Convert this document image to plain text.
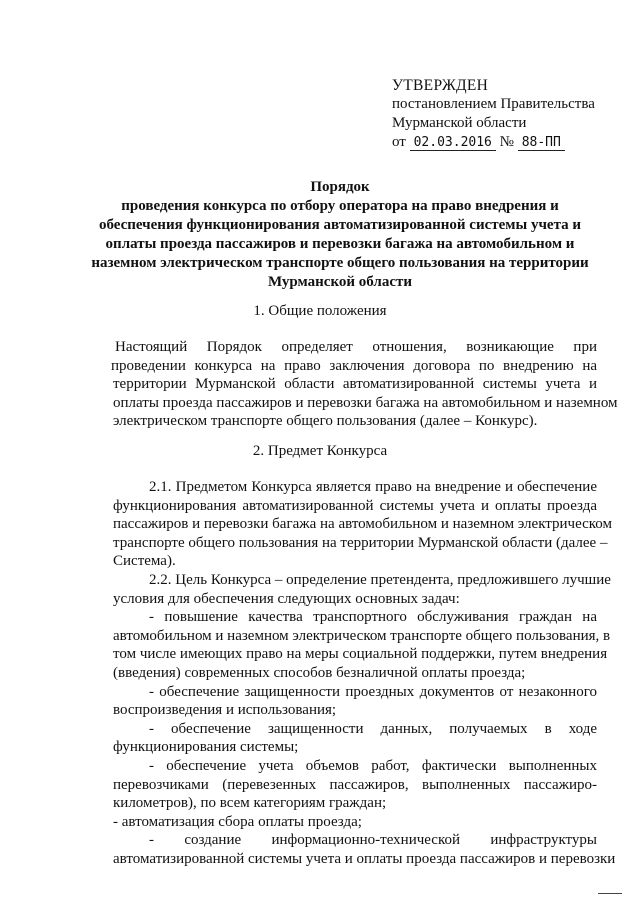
УТВЕРЖДЕН
постановлением Правительства
Мурманской области
от 02.03.2016 № 88-ПП
Порядок
проведения конкурса по отбору оператора на право внедрения и
обеспечения функционирования автоматизированной системы учета и
оплаты проезда пассажиров и перевозки багажа на автомобильном и
наземном электрическом транспорте общего пользования на территории
Мурманской области
1. Общие положения
Настоящий Порядок определяет отношения, возникающие при
проведении конкурса на право заключения договора по внедрению на
территории Мурманской области автоматизированной системы учета и
оплаты проезда пассажиров и перевозки багажа на автомобильном и наземном
электрическом транспорте общего пользования (далее – Конкурс).
2. Предмет Конкурса
2.1. Предметом Конкурса является право на внедрение и обеспечение
функционирования автоматизированной системы учета и оплаты проезда
пассажиров и перевозки багажа на автомобильном и наземном электрическом
транспорте общего пользования на территории Мурманской области (далее –
Система).
2.2. Цель Конкурса – определение претендента, предложившего лучшие
условия для обеспечения следующих основных задач:
- повышение качества транспортного обслуживания граждан на
автомобильном и наземном электрическом транспорте общего пользования, в
том числе имеющих право на меры социальной поддержки, путем внедрения
(введения) современных способов безналичной оплаты проезда;
- обеспечение защищенности проездных документов от незаконного
воспроизведения и использования;
- обеспечение защищенности данных, получаемых в ходе
функционирования системы;
- обеспечение учета объемов работ, фактически выполненных
перевозчиками (перевезенных пассажиров, выполненных пассажиро-
километров), по всем категориям граждан;
- автоматизация сбора оплаты проезда;
- создание информационно-технической инфраструктуры
автоматизированной системы учета и оплаты проезда пассажиров и перевозки
